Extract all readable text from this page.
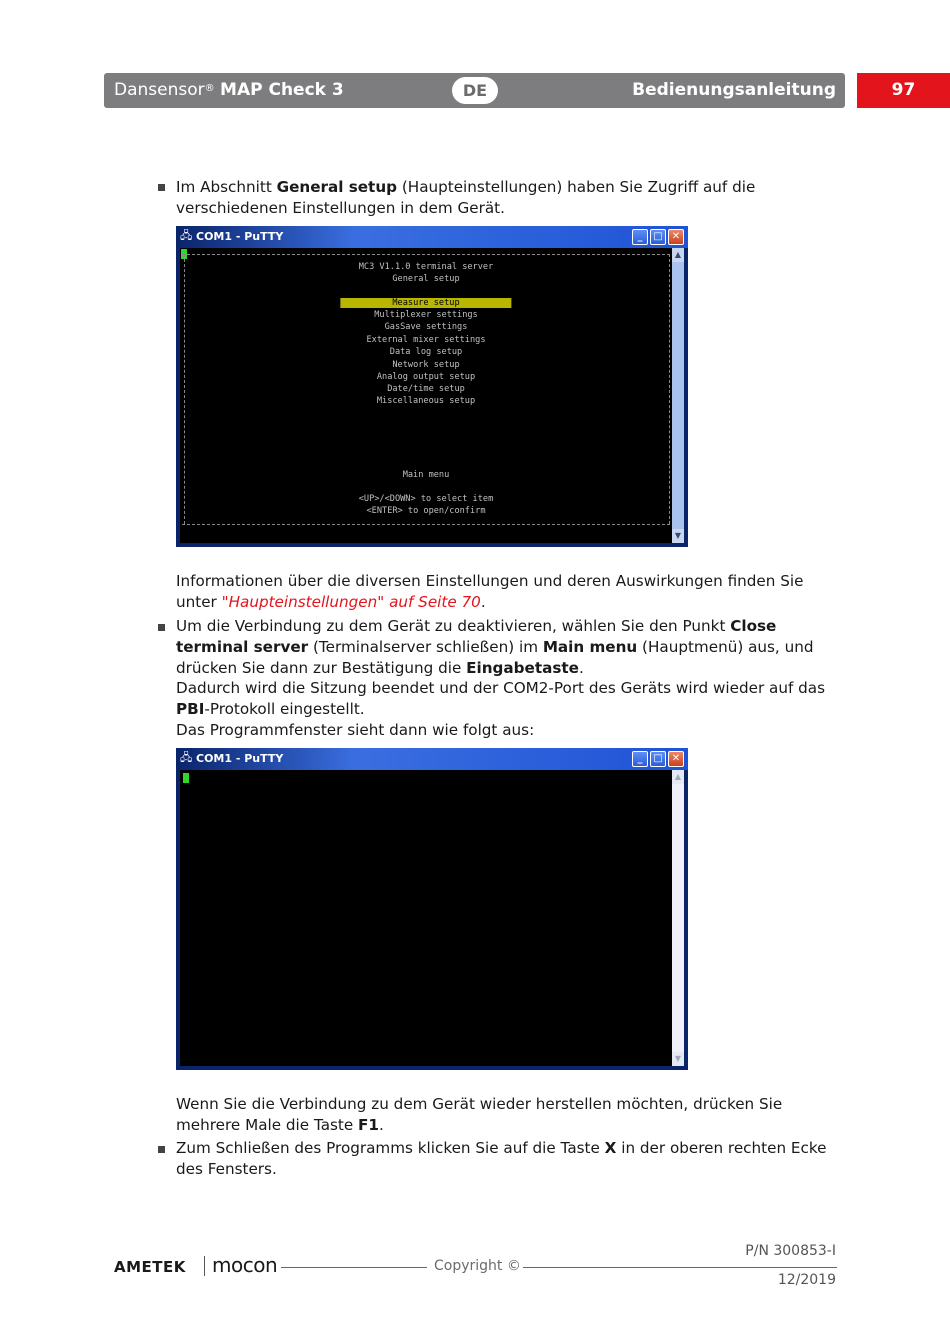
Dansensor® MAP Check 3	DE	Bedienungsanleitung	97
Im Abschnitt General setup (Haupteinstellungen) haben Sie Zugriff auf die verschiedenen Einstellungen in dem Gerät.
🖧 COM1 - PuTTY	_	□ ✕
MC3 V1.1.0 terminal server
General setup
Measure setup
Multiplexer settings
GasSave settings
External mixer settings
Data log setup
Network setup
Analog output setup
Date/time setup
Miscellaneous setup
Main menu
<UP>/<DOWN> to select item
<ENTER> to open/confirm
▲
▼
Informationen über die diversen Einstellungen und deren Auswirkungen finden Sie unter "Haupteinstellungen" auf Seite 70.
Um die Verbindung zu dem Gerät zu deaktivieren, wählen Sie den Punkt Close terminal server (Terminalserver schließen) im Main menu (Hauptmenü) aus, und drücken Sie dann zur Bestätigung die Eingabetaste.
Dadurch wird die Sitzung beendet und der COM2-Port des Geräts wird wieder auf das PBI-Protokoll eingestellt.
Das Programmfenster sieht dann wie folgt aus:
🖧 COM1 - PuTTY	_	□ ✕
▲
▼
Wenn Sie die Verbindung zu dem Gerät wieder herstellen möchten, drücken Sie mehrere Male die Taste F1.
Zum Schließen des Programms klicken Sie auf die Taste X in der oberen rechten Ecke des Fensters.
AMETEK mocon	Copyright ©
P/N 300853-I
12/2019
